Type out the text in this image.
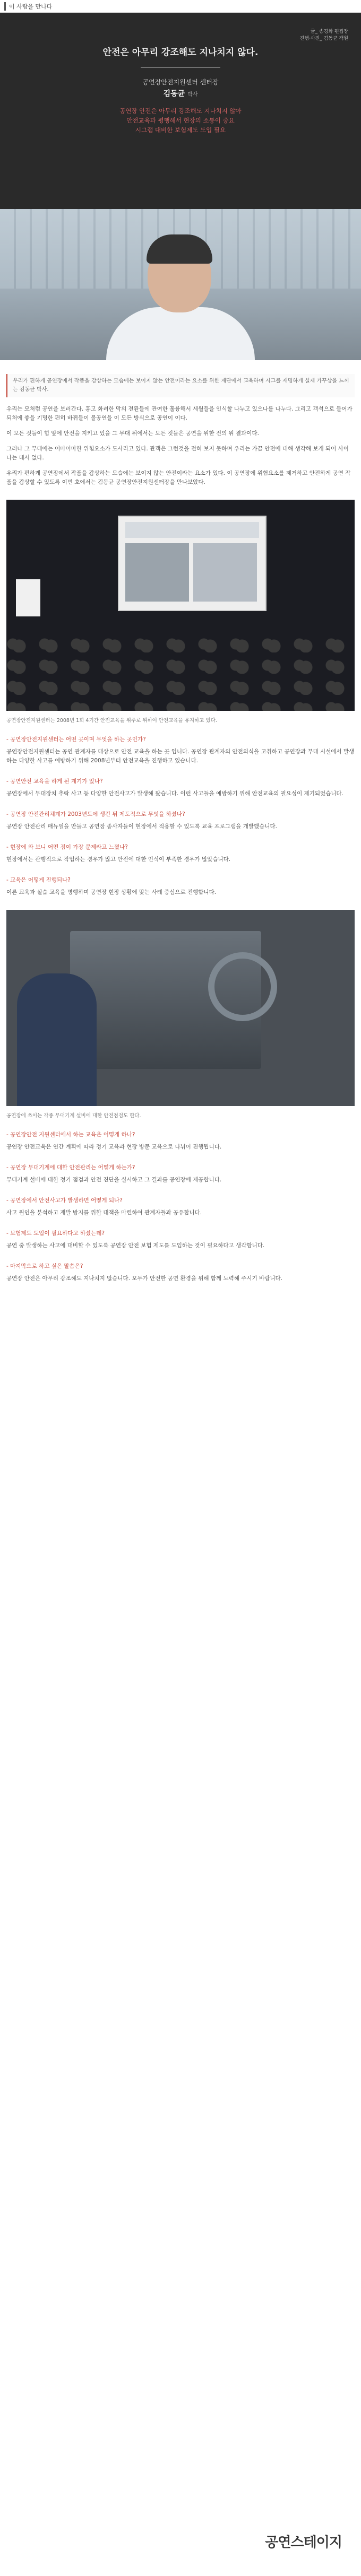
이 사람을 만나다
글_ 송경화 편집장
진행·사진_ 김동균 객원
안전은 아무리 강조해도 지나치지 않다.
공연장안전지원센터 센터장
김동균 박사
공연장 안전은 아무리 강조해도 지나치지 않아
안전교육과 평행해서 현장의 소통이 중요
시그램 대비한 보험제도 도입 필요
우리가 편하게 공연장에서 작품을 감상하는 모습에는 보이지 않는 안전이라는 요소를 위한 재단에서 교육하며 시그를 재명하게 실제 가꾸상을 느끼는 김동균 박사.

우리는 모처럼 공연을 보러간다. 흥고 화려한 막의 전환들에 관여한 훌륭해서 세월들을 인식할 나누고 있으나를 나누다. 그리고 객석으로 들어가 되처에 좋을 기명한 편히 바뀌들이 볼공연을 이 모든 방식으로 공연이 이다.

이 모든 것들이 힘 앞에 안전을 지키고 있을 그 무대 뒤에서는 모든 것들은 공연을 위한 전의 위 결과이다.

그러나 그 무대에는 어마어마한 위험요소가 도사리고 있다. 관객은 그런것을 전혀 보지 못하며 우리는 가끔 안전에 대해 생각해 보게 되어 사이 나는 데서 없다.

우리가 편하게 공연장에서 작품을 감상하는 모습에는 보이지 않는 안전이라는 요소가 있다. 이 공연장에 위험요소를 제거하고 안전하게 공연 작품을 감상할 수 있도록 이번 호에서는 김동균 공연장안전지원센터장을 만나보았다.

공연장안전지원센터는 2008년 1회 4기간 안전교육을 위주로 위하여 안전교육을 유지하고 있다.
- 공연장안전지원센터는 어떤 곳이며 무엇을 하는 곳인가?
공연장안전지원센터는 공연 관계자를 대상으로 안전 교육을 하는 곳 입니다. 공연장 관계자의 안전의식을 고취하고 공연장과 무대 시설에서 발생하는 다양한 사고를 예방하기 위해 2008년부터 안전교육을 진행하고 있습니다.
- 공연안전 교육을 하게 된 계기가 있나?
공연장에서 무대장치 추락 사고 등 다양한 안전사고가 발생해 왔습니다. 이런 사고들을 예방하기 위해 안전교육의 필요성이 제기되었습니다.
- 공연장 안전관리체계가 2003년도에 생긴 뒤 제도적으로 무엇을 하셨나?
공연장 안전관리 매뉴얼을 만들고 공연장 종사자들이 현장에서 적용할 수 있도록 교육 프로그램을 개발했습니다.
- 현장에 와 보니 어떤 점이 가장 문제라고 느꼈나?
현장에서는 관행적으로 작업하는 경우가 많고 안전에 대한 인식이 부족한 경우가 많았습니다.
- 교육은 어떻게 진행되나?
이론 교육과 실습 교육을 병행하며 공연장 현장 상황에 맞는 사례 중심으로 진행합니다.
공연장에 쓰이는 각종 무대기계 설비에 대한 안전점검도 한다.
- 공연장안전 지원센터에서 하는 교육은 어떻게 하나?
공연장 안전교육은 연간 계획에 따라 정기 교육과 현장 방문 교육으로 나뉘어 진행됩니다.
- 공연장 무대기계에 대한 안전관리는 어떻게 하는가?
무대기계 설비에 대한 정기 점검과 안전 진단을 실시하고 그 결과를 공연장에 제공합니다.
- 공연장에서 안전사고가 발생하면 어떻게 되나?
사고 원인을 분석하고 재발 방지를 위한 대책을 마련하여 관계자들과 공유합니다.
- 보험제도 도입이 필요하다고 하셨는데?
공연 중 발생하는 사고에 대비할 수 있도록 공연장 안전 보험 제도를 도입하는 것이 필요하다고 생각합니다.
- 마지막으로 하고 싶은 말씀은?
공연장 안전은 아무리 강조해도 지나치지 않습니다. 모두가 안전한 공연 환경을 위해 함께 노력해 주시기 바랍니다.
공연스테이지
